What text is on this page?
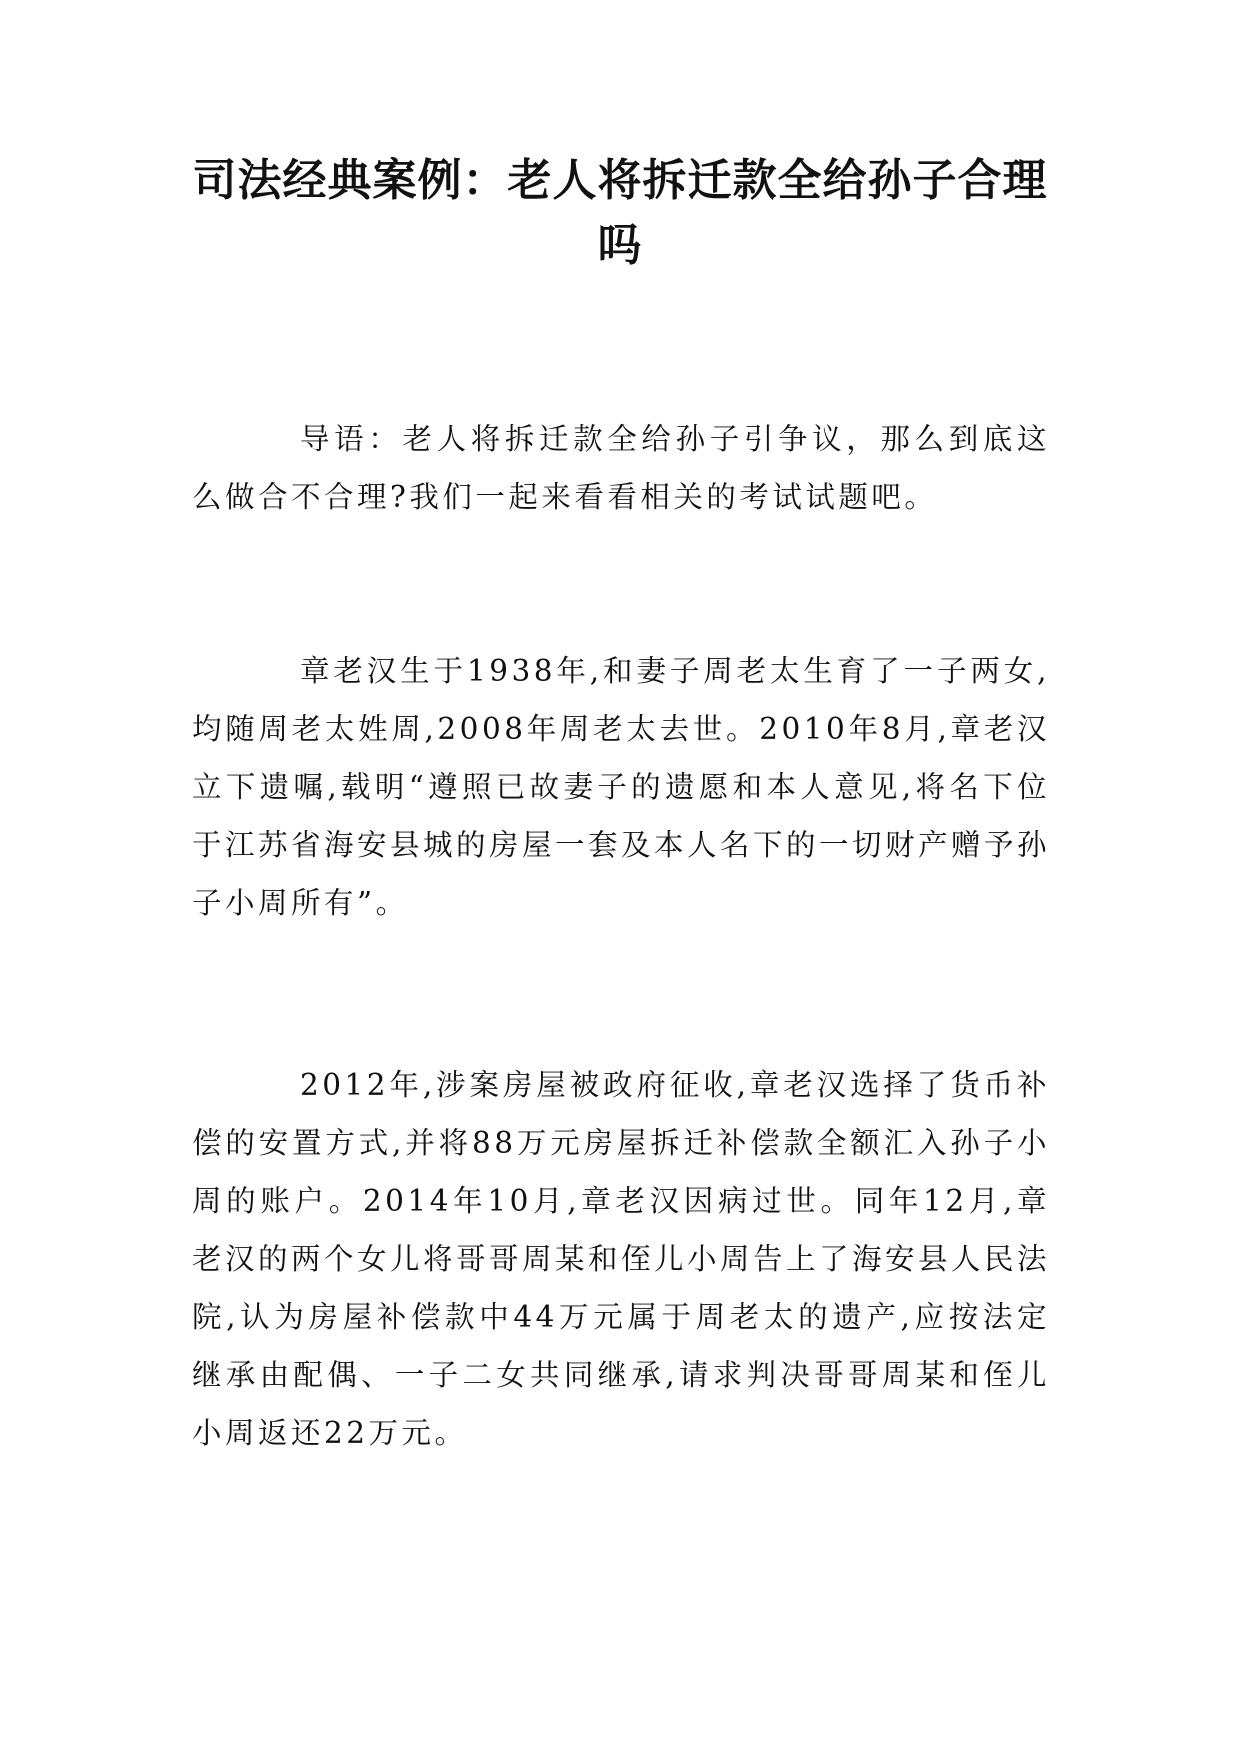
司法经典案例：老人将拆迁款全给孙子合理吗

导语：老人将拆迁款全给孙子引争议，那么到底这么做合不合理?我们一起来看看相关的考试试题吧。

章老汉生于1938年,和妻子周老太生育了一子两女,均随周老太姓周,2008年周老太去世。2010年8月,章老汉立下遗嘱,载明“遵照已故妻子的遗愿和本人意见,将名下位于江苏省海安县城的房屋一套及本人名下的一切财产赠予孙子小周所有”。

2012年,涉案房屋被政府征收,章老汉选择了货币补偿的安置方式,并将88万元房屋拆迁补偿款全额汇入孙子小周的账户。2014年10月,章老汉因病过世。同年12月,章老汉的两个女儿将哥哥周某和侄儿小周告上了海安县人民法院,认为房屋补偿款中44万元属于周老太的遗产,应按法定继承由配偶、一子二女共同继承,请求判决哥哥周某和侄儿小周返还22万元。
